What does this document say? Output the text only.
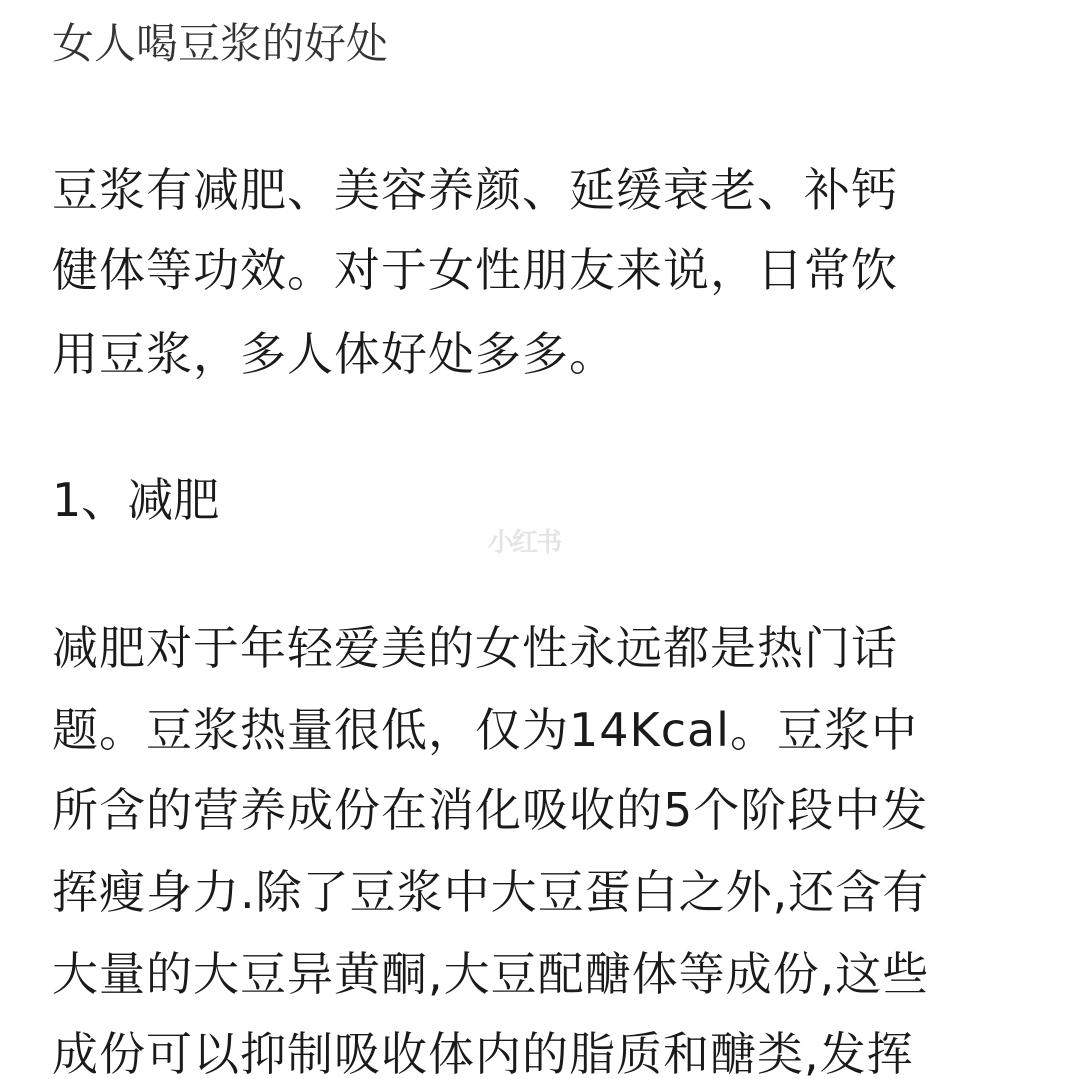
女人喝豆浆的好处

豆浆有减肥、美容养颜、延缓衰老、补钙

健体等功效。对于女性朋友来说，日常饮

用豆浆，多人体好处多多。

1、减肥

小红书

减肥对于年轻爱美的女性永远都是热门话

题。豆浆热量很低，仅为14Kcal。豆浆中

所含的营养成份在消化吸收的5个阶段中发

挥瘦身力.除了豆浆中大豆蛋白之外,还含有

大量的大豆异黄酮,大豆配醣体等成份,这些

成份可以抑制吸收体内的脂质和醣类,发挥
